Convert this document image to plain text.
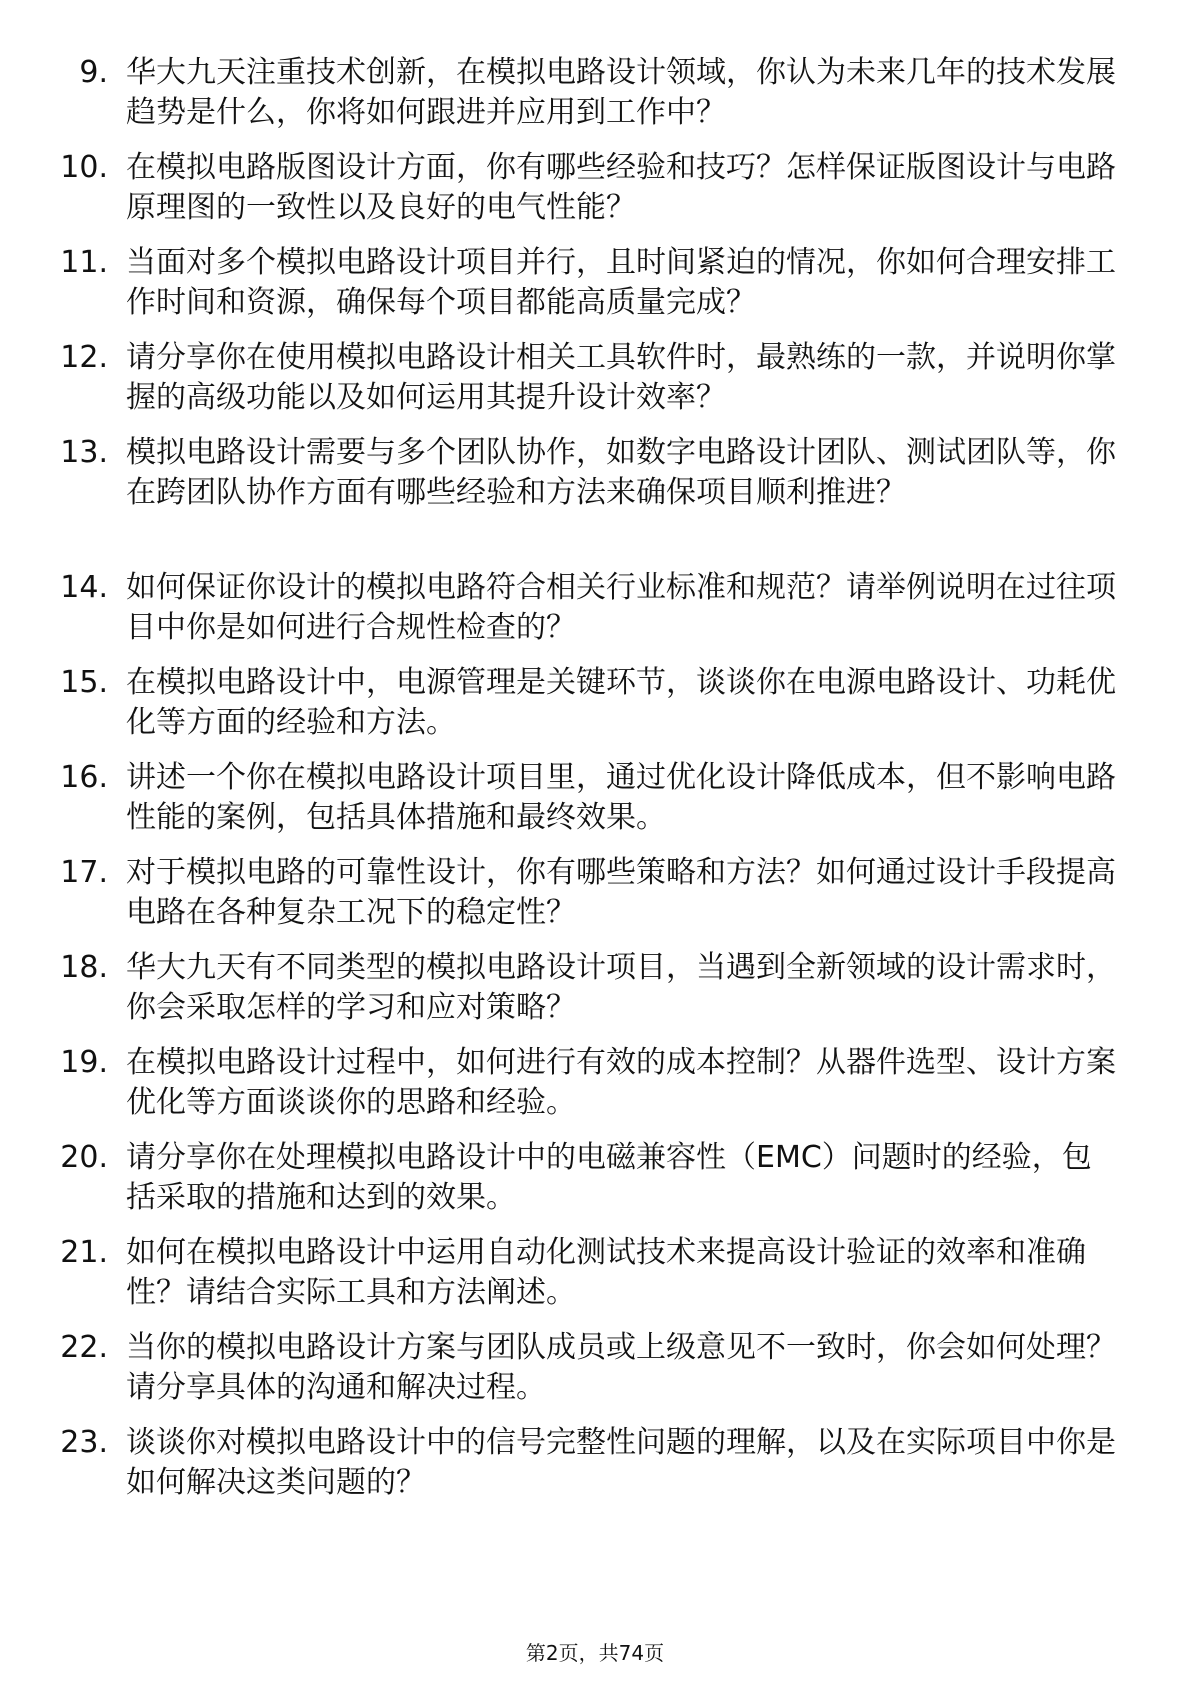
9. 华大九天注重技术创新，在模拟电路设计领域，你认为未来几年的技术发展趋势是什么，你将如何跟进并应用到工作中？
10. 在模拟电路版图设计方面，你有哪些经验和技巧？怎样保证版图设计与电路原理图的一致性以及良好的电气性能？
11. 当面对多个模拟电路设计项目并行，且时间紧迫的情况，你如何合理安排工作时间和资源，确保每个项目都能高质量完成？
12. 请分享你在使用模拟电路设计相关工具软件时，最熟练的一款，并说明你掌握的高级功能以及如何运用其提升设计效率？
13. 模拟电路设计需要与多个团队协作，如数字电路设计团队、测试团队等，你在跨团队协作方面有哪些经验和方法来确保项目顺利推进？
14. 如何保证你设计的模拟电路符合相关行业标准和规范？请举例说明在过往项目中你是如何进行合规性检查的？
15. 在模拟电路设计中，电源管理是关键环节，谈谈你在电源电路设计、功耗优化等方面的经验和方法。
16. 讲述一个你在模拟电路设计项目里，通过优化设计降低成本，但不影响电路性能的案例，包括具体措施和最终效果。
17. 对于模拟电路的可靠性设计，你有哪些策略和方法？如何通过设计手段提高电路在各种复杂工况下的稳定性？
18. 华大九天有不同类型的模拟电路设计项目，当遇到全新领域的设计需求时，你会采取怎样的学习和应对策略？
19. 在模拟电路设计过程中，如何进行有效的成本控制？从器件选型、设计方案优化等方面谈谈你的思路和经验。
20. 请分享你在处理模拟电路设计中的电磁兼容性（EMC）问题时的经验，包括采取的措施和达到的效果。
21. 如何在模拟电路设计中运用自动化测试技术来提高设计验证的效率和准确性？请结合实际工具和方法阐述。
22. 当你的模拟电路设计方案与团队成员或上级意见不一致时，你会如何处理？请分享具体的沟通和解决过程。
23. 谈谈你对模拟电路设计中的信号完整性问题的理解，以及在实际项目中你是如何解决这类问题的？
第2页，共74页
